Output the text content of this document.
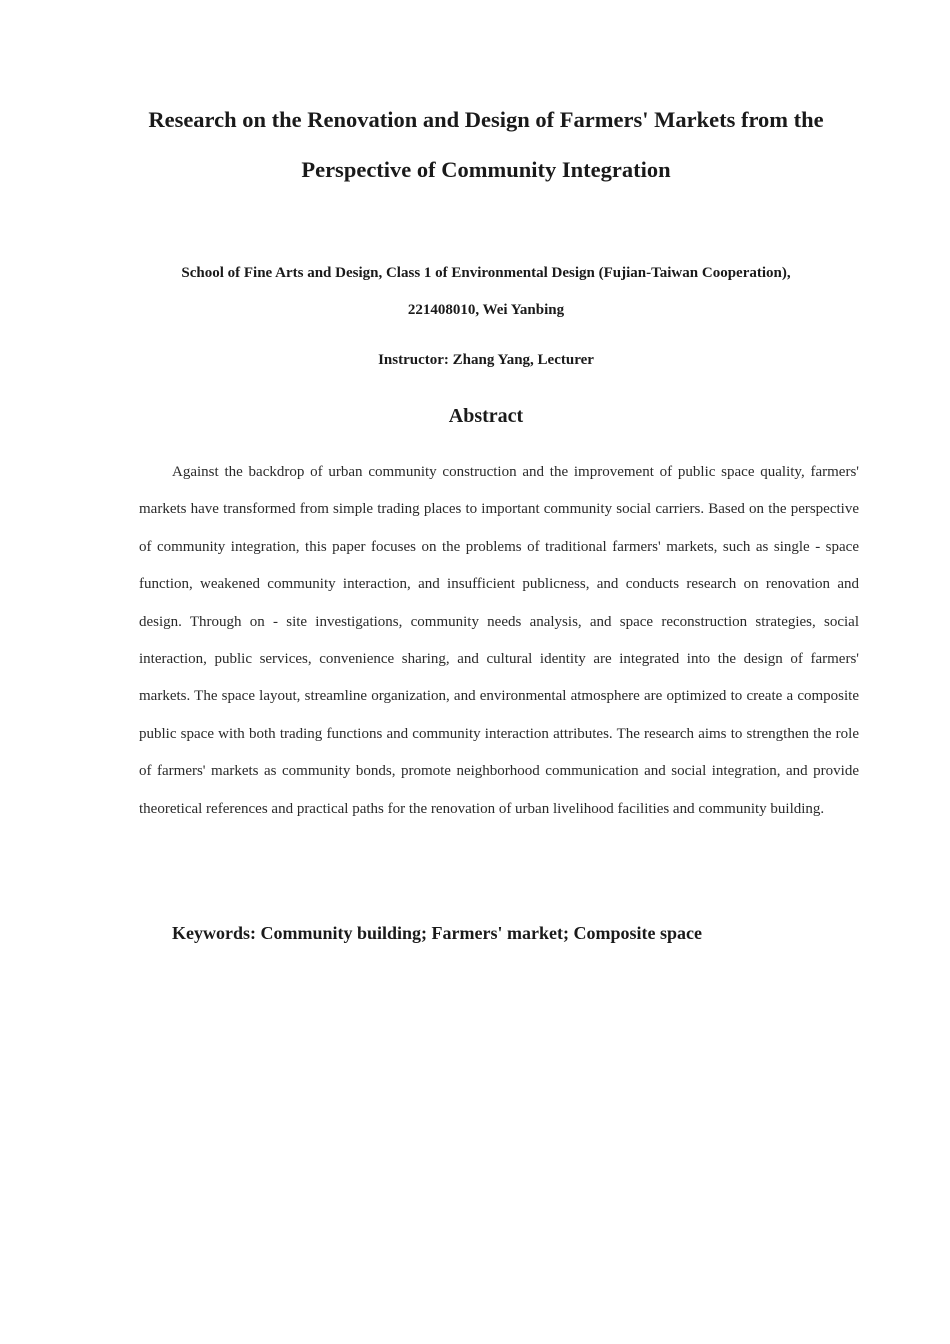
Research on the Renovation and Design of Farmers' Markets from the
Perspective of Community Integration

School of Fine Arts and Design, Class 1 of Environmental Design (Fujian-Taiwan Cooperation),
221408010, Wei Yanbing

Instructor: Zhang Yang, Lecturer

Abstract

Against the backdrop of urban community construction and the improvement of public space quality, farmers' markets have transformed from simple trading places to important community social carriers. Based on the perspective of community integration, this paper focuses on the problems of traditional farmers' markets, such as single - space function, weakened community interaction, and insufficient publicness, and conducts research on renovation and design. Through on - site investigations, community needs analysis, and space reconstruction strategies, social interaction, public services, convenience sharing, and cultural identity are integrated into the design of farmers' markets. The space layout, streamline organization, and environmental atmosphere are optimized to create a composite public space with both trading functions and community interaction attributes. The research aims to strengthen the role of farmers' markets as community bonds, promote neighborhood communication and social integration, and provide theoretical references and practical paths for the renovation of urban livelihood facilities and community building.

Keywords: Community building; Farmers' market; Composite space
